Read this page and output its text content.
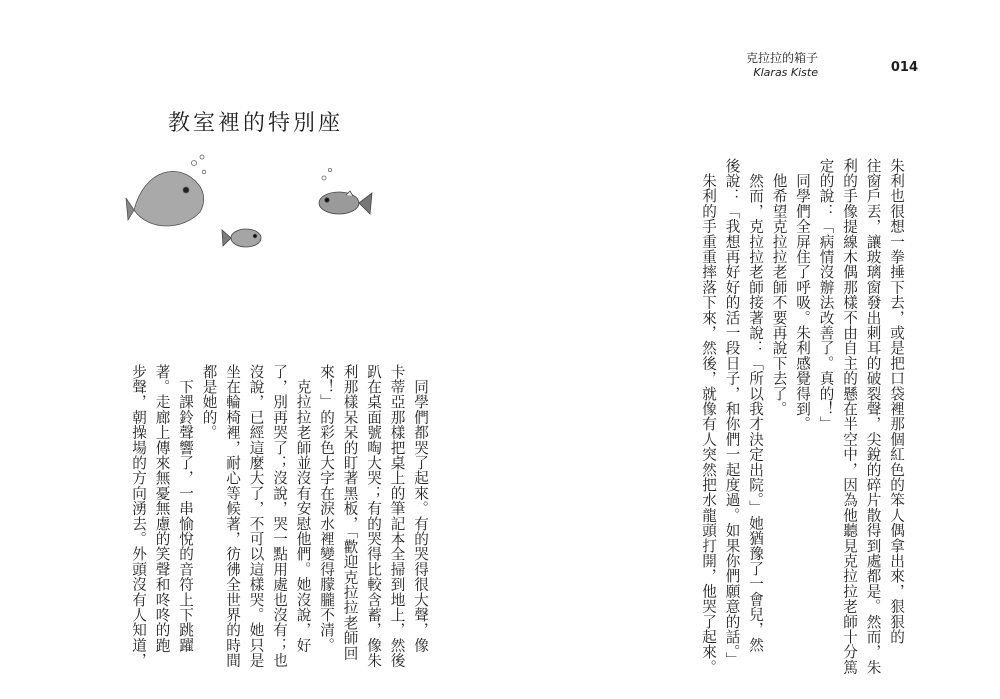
克拉拉的箱子
Klaras Kiste	014
教室裡的特別座

朱利也很想一拳捶下去，或是把口袋裡那個紅色的笨人偶拿出來，狠狠的

往窗戶丟，讓玻璃窗發出刺耳的破裂聲，尖銳的碎片散得到處都是。然而，朱

利的手像提線木偶那樣不由自主的懸在半空中，因為他聽見克拉拉老師十分篤

定的說：「病情沒辦法改善了。真的！」

　同學們全屏住了呼吸。朱利感覺得到。

　他希望克拉拉老師不要再說下去了。

　然而，克拉拉老師接著說：「所以我才決定出院。」她猶豫了一會兒，然

後說：「我想再好好的活一段日子，和你們一起度過。如果你們願意的話。」

　朱利的手重重摔落下來，然後，就像有人突然把水龍頭打開，他哭了起來。

　同學們都哭了起來。有的哭得很大聲，像

卡蒂亞那樣把桌上的筆記本全掃到地上，然後

趴在桌面號啕大哭；有的哭得比較含蓄，像朱

利那樣呆呆的盯著黑板，「歡迎克拉拉老師回

來！」的彩色大字在淚水裡變得朦朧不清。

　克拉拉老師並沒有安慰他們。她沒說，好

了，別再哭了；沒說，哭一點用處也沒有；也

沒說，已經這麼大了，不可以這樣哭。她只是

坐在輪椅裡，耐心等候著，彷彿全世界的時間

都是她的。

　下課鈴聲響了，一串愉悅的音符上下跳躍

著。走廊上傳來無憂無慮的笑聲和咚咚的跑

步聲，朝操場的方向湧去。外頭沒有人知道，
